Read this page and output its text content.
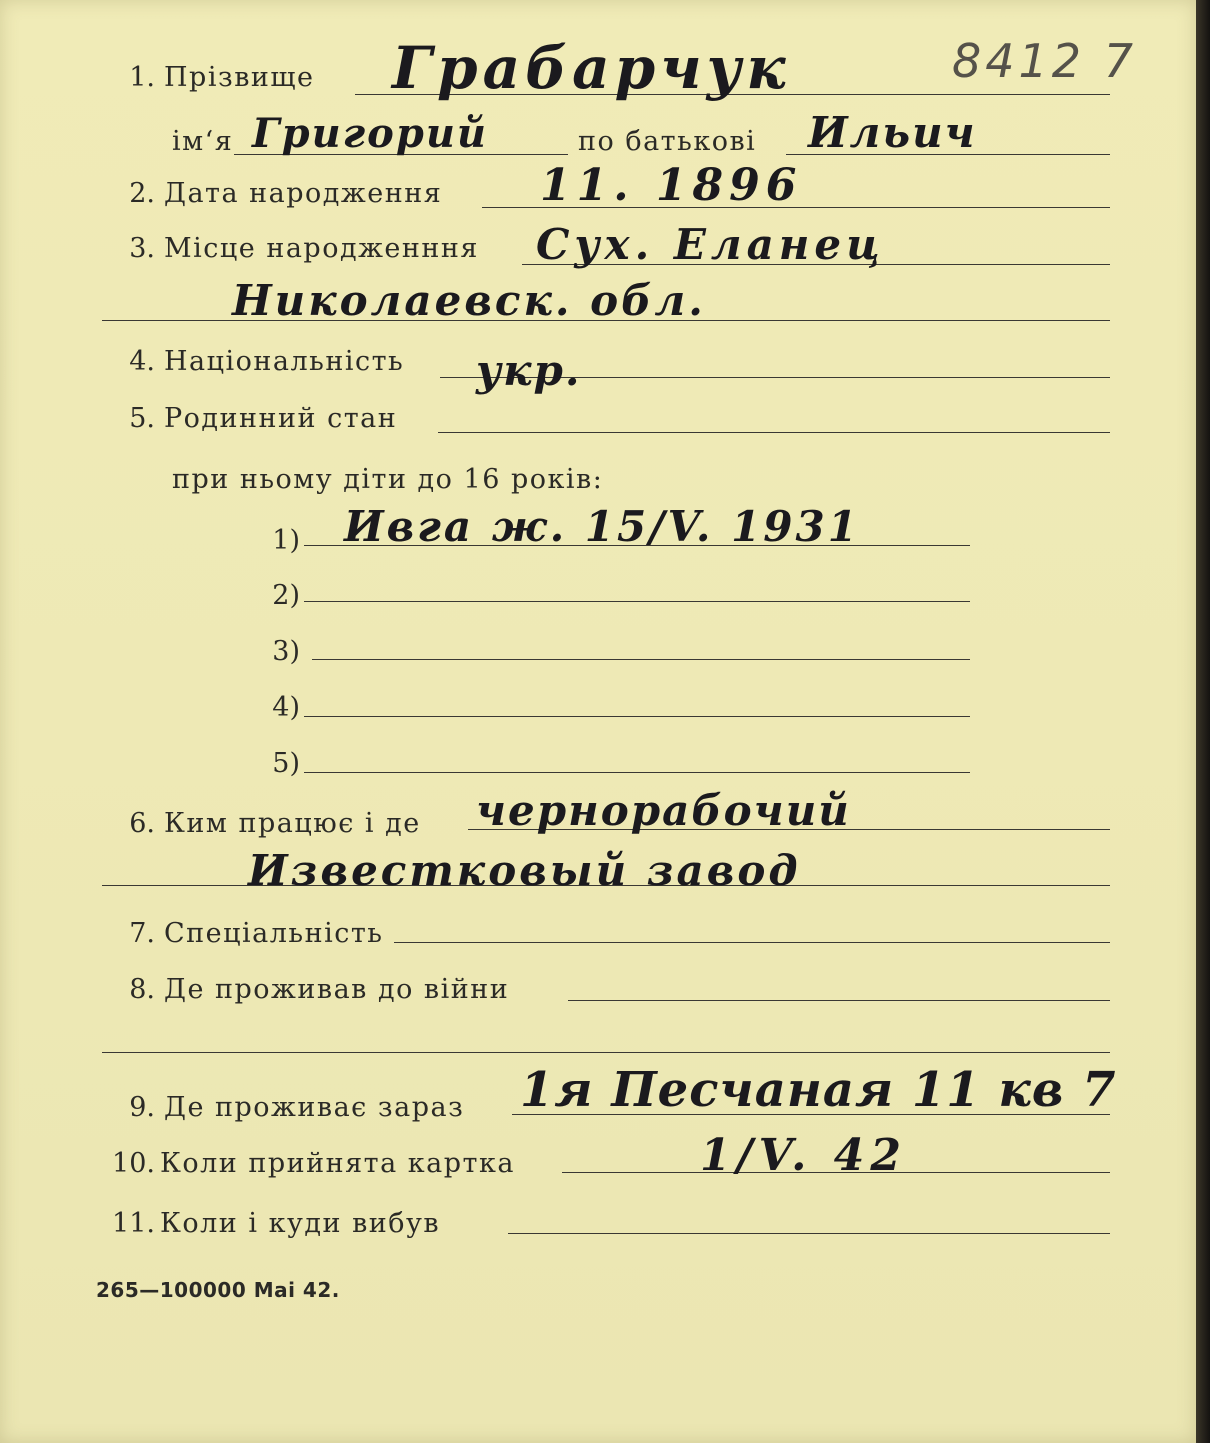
8412 7
1. Прізвище Грабарчук
ім‘я Григорий	по батькові Ильич
2. Дата народження 11. 1896
3. Місце народженння Сух. Еланец
Николаевск. обл.
4. Національність укр.
5. Родинний стан
при ньому діти до 16 років:
1) Ивга ж. 15/V. 1931
2)
3)
4)
5)
6. Ким працює і де чернорабочий
Известковый завод
7. Спеціальність
8. Де проживав до війни
9. Де проживає зараз 1я Песчаная 11 кв 7
10. Коли прийнята картка	1/V. 42
11. Коли і куди вибув
265—100000 Mai 42.
